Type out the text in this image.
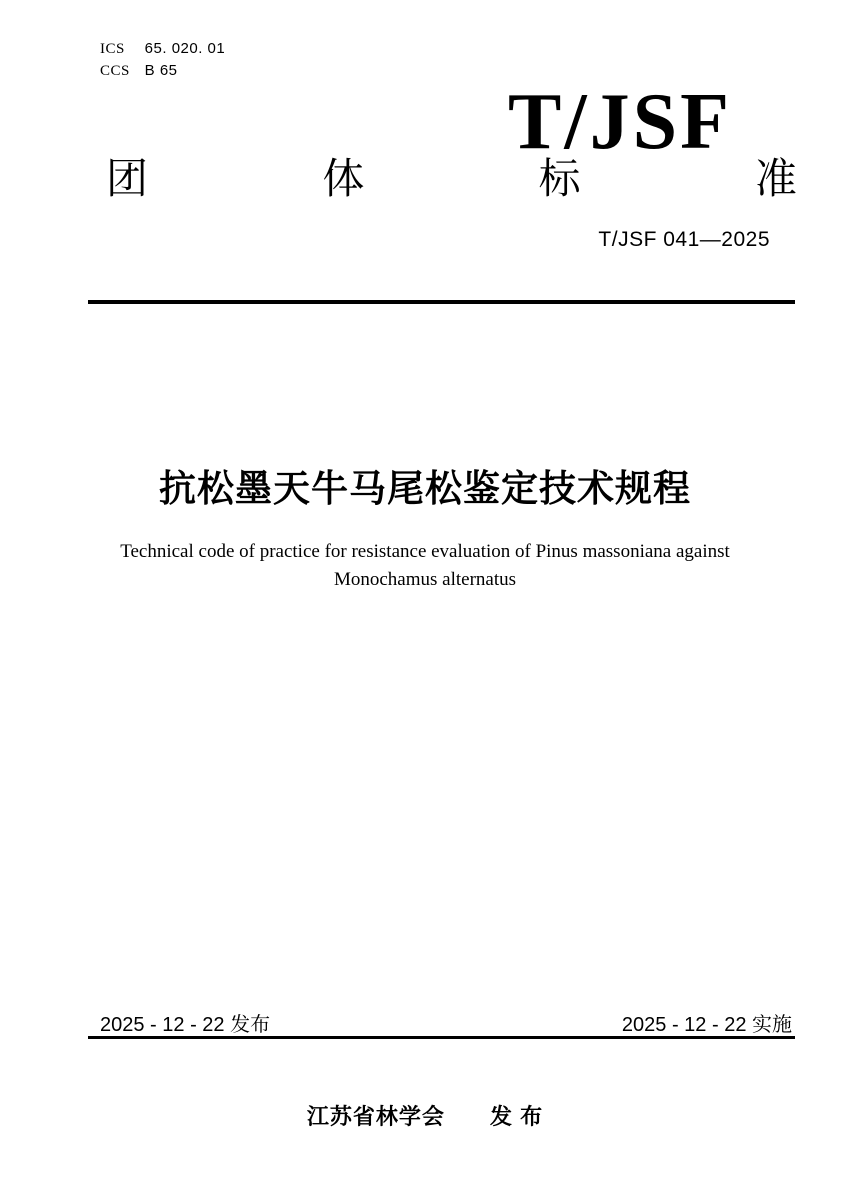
ICS 65. 020. 01
CCS B 65
T/JSF
团	体	标	准
T/JSF 041—2025
抗松墨天牛马尾松鉴定技术规程
Technical code of practice for resistance evaluation of Pinus massoniana against
Monochamus alternatus
2025 - 12 - 22 发布	2025 - 12 - 22 实施
江苏省林学会 发 布
